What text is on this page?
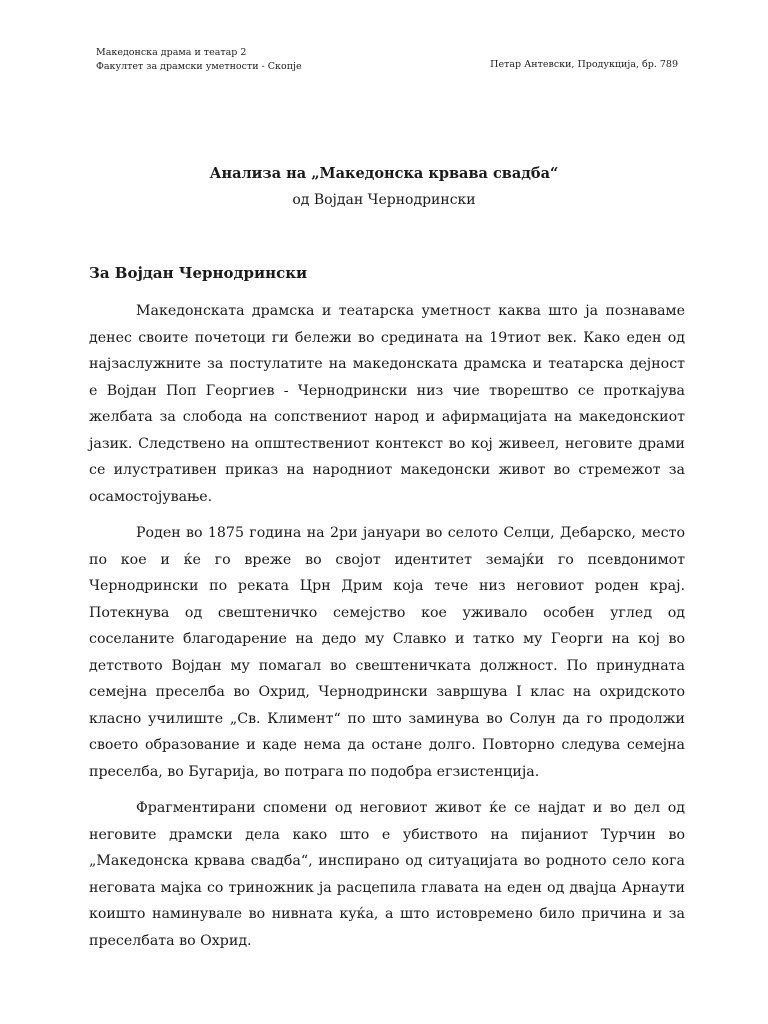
Македонска драма и театар 2
Факултет за драмски уметности - Скопје	Петар Антевски, Продукција, бр. 789
Анализа на „Македонска крвава свадба“
од Војдан Чернодрински
За Војдан Чернодрински

Македонската драмска и театарска уметност каква што ја познаваме денес своите почетоци ги бележи во средината на 19тиот век. Како еден од најзаслужните за постулатите на македонската драмска и театарска дејност е Војдан Поп Георгиев - Чернодрински низ чие творештво се проткајува желбата за слобода на сопствениот народ и афирмацијата на македонскиот јазик. Следствено на општествениот контекст во кој живеел, неговите драми се илустративен приказ на народниот македонски живот во стремежот за осамостојување.

Роден во 1875 година на 2ри јануари во селото Селци, Дебарско, место по кое и ќе го вреже во својот идентитет земајќи го псевдонимот Чернодрински по реката Црн Дрим која тече низ неговиот роден крај. Потекнува од свештеничко семејство кое уживало особен углед од соселаните благодарение на дедо му Славко и татко му Георги на кој во детството Војдан му помагал во свештеничката должност. По принудната семејна преселба во Охрид, Чернодрински завршува I клас на охридското класно училиште „Св. Климент“ по што заминува во Солун да го продолжи своето образование и каде нема да остане долго. Повторно следува семејна преселба, во Бугарија, во потрага по подобра егзистенција.

Фрагментирани спомени од неговиот живот ќе се најдат и во дел од неговите драмски дела како што е убиството на пијаниот Турчин во „Македонска крвава свадба“, инспирано од ситуацијата во родното село кога неговата мајка со триножник ја расцепила главата на еден од двајца Арнаути коишто наминувале во нивната куќа, а што истовремено било причина и за преселбата во Охрид.
